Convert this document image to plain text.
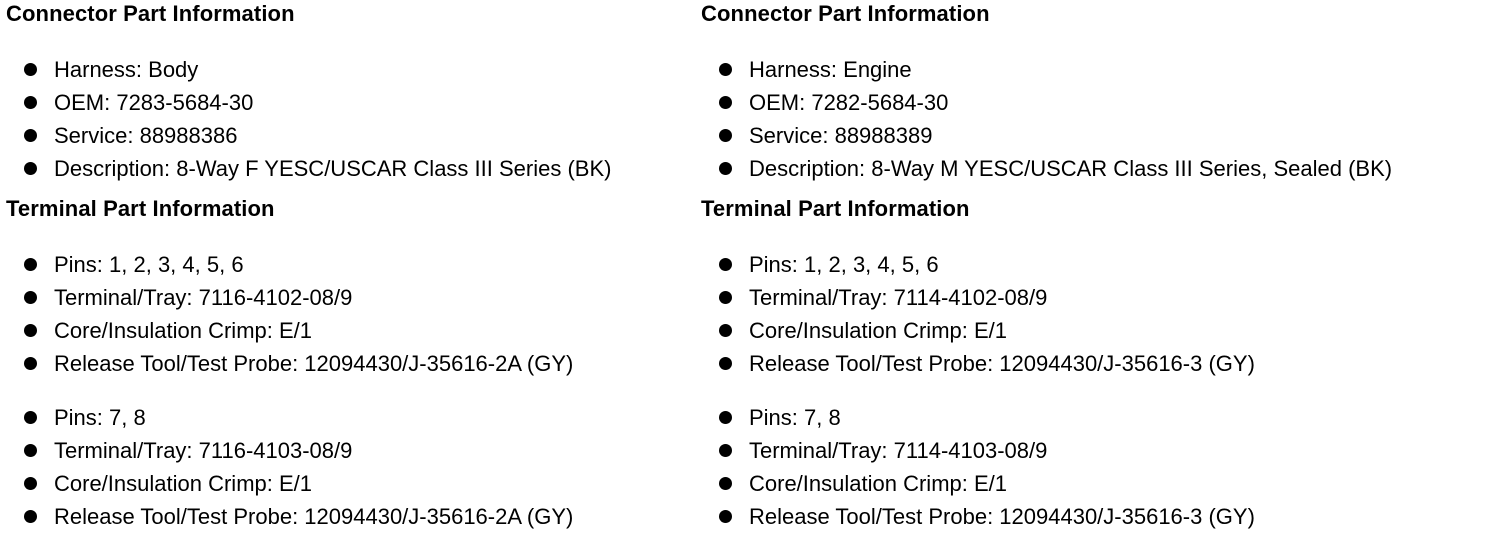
Connector Part Information
Harness: Body
OEM: 7283-5684-30
Service: 88988386
Description: 8-Way F YESC/USCAR Class III Series (BK)
Terminal Part Information
Pins: 1, 2, 3, 4, 5, 6
Terminal/Tray: 7116-4102-08/9
Core/Insulation Crimp: E/1
Release Tool/Test Probe: 12094430/J-35616-2A (GY)
Pins: 7, 8
Terminal/Tray: 7116-4103-08/9
Core/Insulation Crimp: E/1
Release Tool/Test Probe: 12094430/J-35616-2A (GY)
Connector Part Information
Harness: Engine
OEM: 7282-5684-30
Service: 88988389
Description: 8-Way M YESC/USCAR Class III Series, Sealed (BK)
Terminal Part Information
Pins: 1, 2, 3, 4, 5, 6
Terminal/Tray: 7114-4102-08/9
Core/Insulation Crimp: E/1
Release Tool/Test Probe: 12094430/J-35616-3 (GY)
Pins: 7, 8
Terminal/Tray: 7114-4103-08/9
Core/Insulation Crimp: E/1
Release Tool/Test Probe: 12094430/J-35616-3 (GY)
